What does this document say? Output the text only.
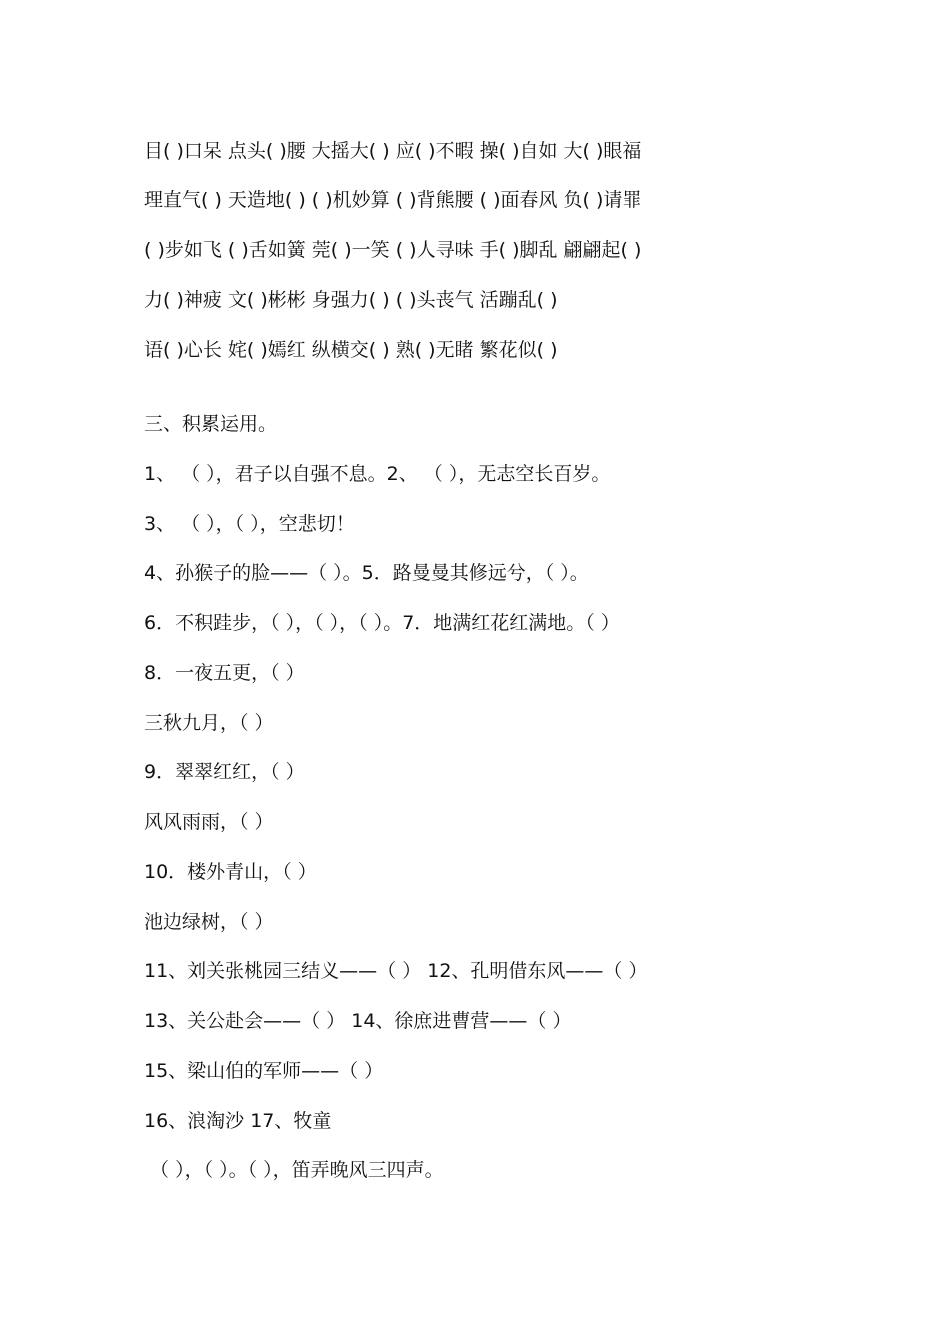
目( )口呆 点头( )腰 大摇大( ) 应( )不暇 操( )自如 大( )眼福
理直气( ) 天造地( ) ( )机妙算 ( )背熊腰 ( )面春风 负( )请罪
( )步如飞 ( )舌如簧 莞( )一笑 ( )人寻味 手( )脚乱 翩翩起( )
力( )神疲 文( )彬彬 身强力( ) ( )头丧气 活蹦乱( )
语( )心长 姹( )嫣红 纵横交( ) 熟( )无睹 繁花似( )
三、积累运用。
1、 （ ），君子以自强不息。2、 （ ），无志空长百岁。
3、 （ ），（ ），空悲切！
4、孙猴子的脸——（ ）。5．路曼曼其修远兮，（ ）。
6．不积跬步，（ ），（ ），（ ）。7．地满红花红满地。（ ）
8．一夜五更，（ ）
三秋九月，（ ）
9．翠翠红红，（ ）
风风雨雨，（ ）
10．楼外青山，（ ）
池边绿树，（ ）
11、刘关张桃园三结义——（ ） 12、孔明借东风——（ ）
13、关公赴会——（ ） 14、徐庶进曹营——（ ）
15、梁山伯的军师——（ ）
16、浪淘沙 17、牧童
（ ），（ ）。（ ），笛弄晚风三四声。
